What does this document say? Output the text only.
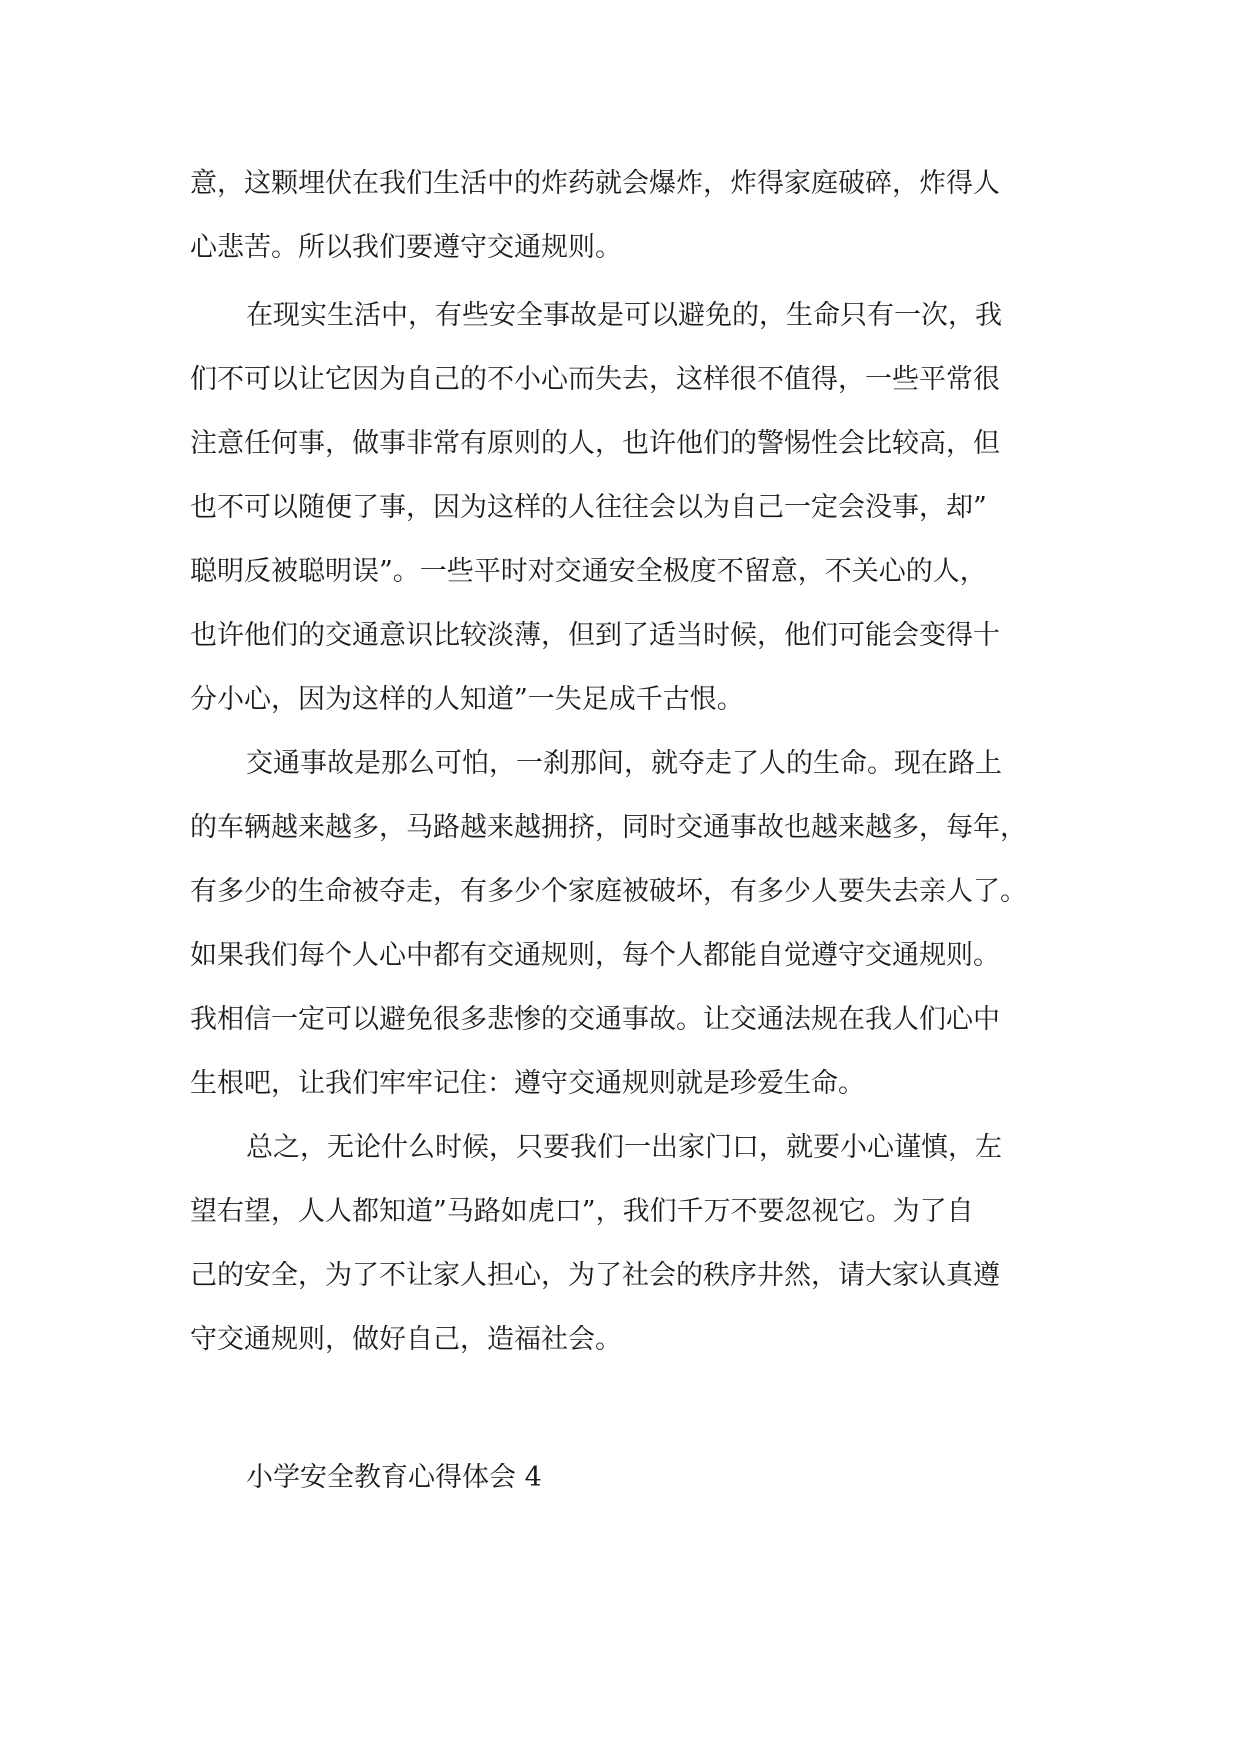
意，这颗埋伏在我们生活中的炸药就会爆炸，炸得家庭破碎，炸得人
心悲苦。所以我们要遵守交通规则。
在现实生活中，有些安全事故是可以避免的，生命只有一次，我
们不可以让它因为自己的不小心而失去，这样很不值得，一些平常很
注意任何事，做事非常有原则的人，也许他们的警惕性会比较高，但
也不可以随便了事，因为这样的人往往会以为自己一定会没事，却”
聪明反被聪明误”。一些平时对交通安全极度不留意，不关心的人，
也许他们的交通意识比较淡薄，但到了适当时候，他们可能会变得十
分小心，因为这样的人知道”一失足成千古恨。
交通事故是那么可怕，一刹那间，就夺走了人的生命。现在路上
的车辆越来越多，马路越来越拥挤，同时交通事故也越来越多，每年，
有多少的生命被夺走，有多少个家庭被破坏，有多少人要失去亲人了。
如果我们每个人心中都有交通规则，每个人都能自觉遵守交通规则。
我相信一定可以避免很多悲惨的交通事故。让交通法规在我人们心中
生根吧，让我们牢牢记住：遵守交通规则就是珍爱生命。
总之，无论什么时候，只要我们一出家门口，就要小心谨慎，左
望右望，人人都知道”马路如虎口”，我们千万不要忽视它。为了自
己的安全，为了不让家人担心，为了社会的秩序井然，请大家认真遵
守交通规则，做好自己，造福社会。

小学安全教育心得体会 4
